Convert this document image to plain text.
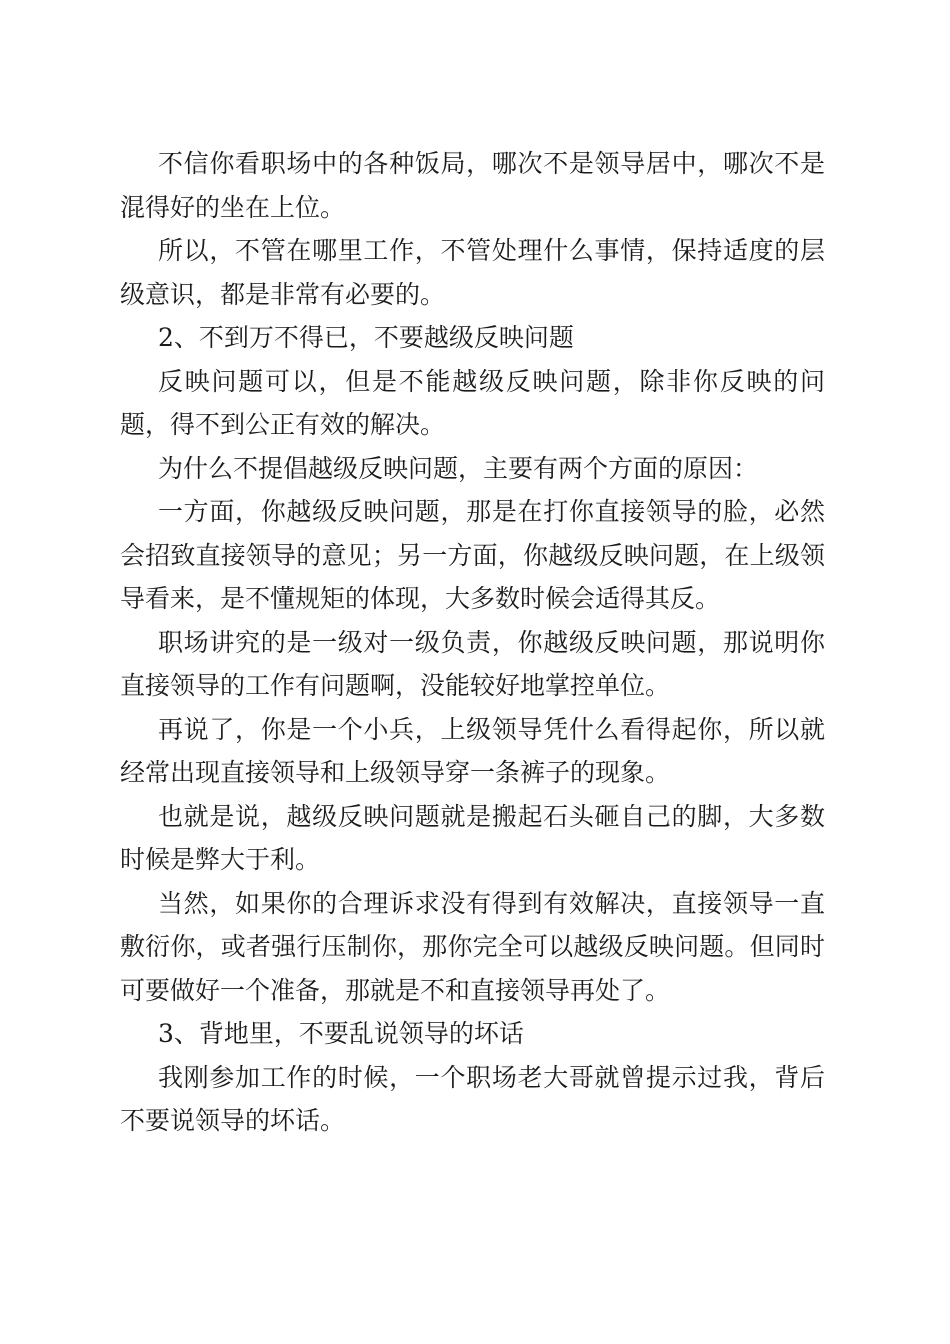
不信你看职场中的各种饭局，哪次不是领导居中，哪次不是混得好的坐在上位。

所以，不管在哪里工作，不管处理什么事情，保持适度的层级意识，都是非常有必要的。

2、不到万不得已，不要越级反映问题

反映问题可以，但是不能越级反映问题，除非你反映的问题，得不到公正有效的解决。

为什么不提倡越级反映问题，主要有两个方面的原因：

一方面，你越级反映问题，那是在打你直接领导的脸，必然会招致直接领导的意见；另一方面，你越级反映问题，在上级领导看来，是不懂规矩的体现，大多数时候会适得其反。

职场讲究的是一级对一级负责，你越级反映问题，那说明你直接领导的工作有问题啊，没能较好地掌控单位。

再说了，你是一个小兵，上级领导凭什么看得起你，所以就经常出现直接领导和上级领导穿一条裤子的现象。

也就是说，越级反映问题就是搬起石头砸自己的脚，大多数时候是弊大于利。

当然，如果你的合理诉求没有得到有效解决，直接领导一直敷衍你，或者强行压制你，那你完全可以越级反映问题。但同时可要做好一个准备，那就是不和直接领导再处了。

3、背地里，不要乱说领导的坏话

我刚参加工作的时候，一个职场老大哥就曾提示过我，背后不要说领导的坏话。
